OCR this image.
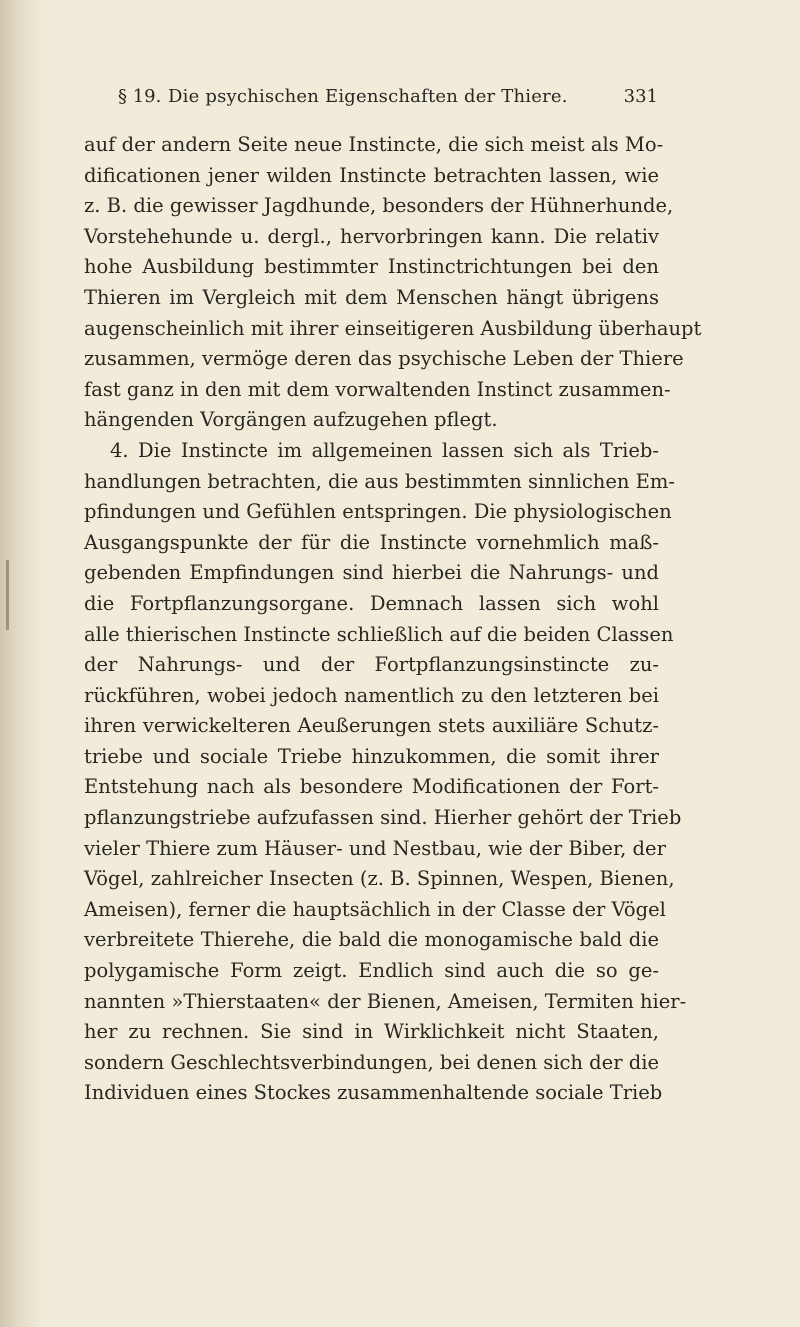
§ 19. Die psychischen Eigenschaften der Thiere.	331
auf der andern Seite neue Instincte, die sich meist als Mo-
dificationen jener wilden Instincte betrachten lassen, wie
z. B. die gewisser Jagdhunde, besonders der Hühnerhunde,
Vorstehehunde u. dergl., hervorbringen kann. Die relativ
hohe Ausbildung bestimmter Instinctrichtungen bei den
Thieren im Vergleich mit dem Menschen hängt übrigens
augenscheinlich mit ihrer einseitigeren Ausbildung überhaupt
zusammen, vermöge deren das psychische Leben der Thiere
fast ganz in den mit dem vorwaltenden Instinct zusammen-
hängenden Vorgängen aufzugehen pflegt.
4. Die Instincte im allgemeinen lassen sich als Trieb-
handlungen betrachten, die aus bestimmten sinnlichen Em-
pfindungen und Gefühlen entspringen. Die physiologischen
Ausgangspunkte der für die Instincte vornehmlich maß-
gebenden Empfindungen sind hierbei die Nahrungs- und
die Fortpflanzungsorgane. Demnach lassen sich wohl
alle thierischen Instincte schließlich auf die beiden Classen
der Nahrungs- und der Fortpflanzungsinstincte zu-
rückführen, wobei jedoch namentlich zu den letzteren bei
ihren verwickelteren Aeußerungen stets auxiliäre Schutz-
triebe und sociale Triebe hinzukommen, die somit ihrer
Entstehung nach als besondere Modificationen der Fort-
pflanzungstriebe aufzufassen sind. Hierher gehört der Trieb
vieler Thiere zum Häuser- und Nestbau, wie der Biber, der
Vögel, zahlreicher Insecten (z. B. Spinnen, Wespen, Bienen,
Ameisen), ferner die hauptsächlich in der Classe der Vögel
verbreitete Thierehe, die bald die monogamische bald die
polygamische Form zeigt. Endlich sind auch die so ge-
nannten »Thierstaaten« der Bienen, Ameisen, Termiten hier-
her zu rechnen. Sie sind in Wirklichkeit nicht Staaten,
sondern Geschlechtsverbindungen, bei denen sich der die
Individuen eines Stockes zusammenhaltende sociale Trieb
